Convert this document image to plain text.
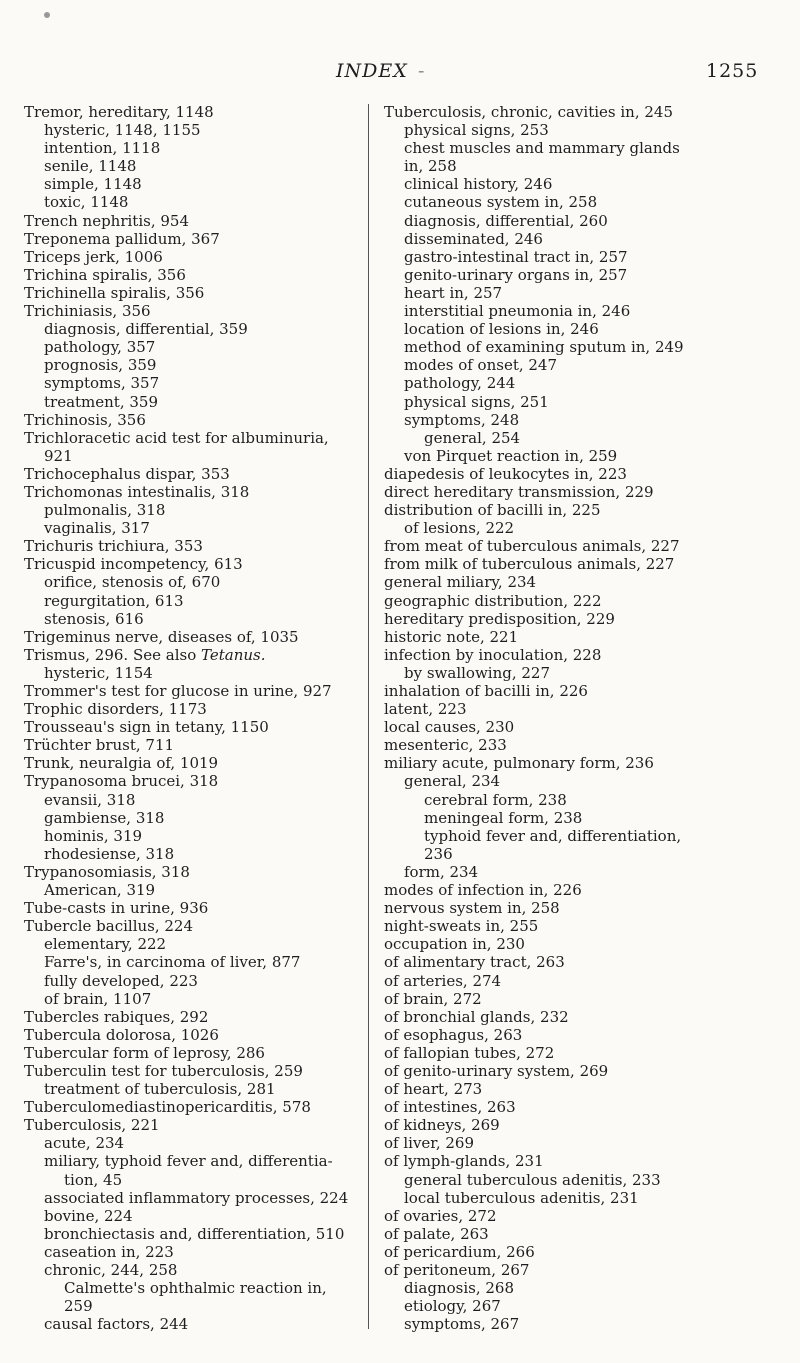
INDEX -	1255
Tremor, hereditary, 1148
hysteric, 1148, 1155
intention, 1118
senile, 1148
simple, 1148
toxic, 1148
Trench nephritis, 954
Treponema pallidum, 367
Triceps jerk, 1006
Trichina spiralis, 356
Trichinella spiralis, 356
Trichiniasis, 356
diagnosis, differential, 359
pathology, 357
prognosis, 359
symptoms, 357
treatment, 359
Trichinosis, 356
Trichloracetic acid test for albuminuria,
921
Trichocephalus dispar, 353
Trichomonas intestinalis, 318
pulmonalis, 318
vaginalis, 317
Trichuris trichiura, 353
Tricuspid incompetency, 613
orifice, stenosis of, 670
regurgitation, 613
stenosis, 616
Trigeminus nerve, diseases of, 1035
Trismus, 296. See also Tetanus.
hysteric, 1154
Trommer's test for glucose in urine, 927
Trophic disorders, 1173
Trousseau's sign in tetany, 1150
Trüchter brust, 711
Trunk, neuralgia of, 1019
Trypanosoma brucei, 318
evansii, 318
gambiense, 318
hominis, 319
rhodesiense, 318
Trypanosomiasis, 318
American, 319
Tube-casts in urine, 936
Tubercle bacillus, 224
elementary, 222
Farre's, in carcinoma of liver, 877
fully developed, 223
of brain, 1107
Tubercles rabiques, 292
Tubercula dolorosa, 1026
Tubercular form of leprosy, 286
Tuberculin test for tuberculosis, 259
treatment of tuberculosis, 281
Tuberculomediastinopericarditis, 578
Tuberculosis, 221
acute, 234
miliary, typhoid fever and, differentia-
tion, 45
associated inflammatory processes, 224
bovine, 224
bronchiectasis and, differentiation, 510
caseation in, 223
chronic, 244, 258
Calmette's ophthalmic reaction in,
259
causal factors, 244
Tuberculosis, chronic, cavities in, 245
physical signs, 253
chest muscles and mammary glands
in, 258
clinical history, 246
cutaneous system in, 258
diagnosis, differential, 260
disseminated, 246
gastro-intestinal tract in, 257
genito-urinary organs in, 257
heart in, 257
interstitial pneumonia in, 246
location of lesions in, 246
method of examining sputum in, 249
modes of onset, 247
pathology, 244
physical signs, 251
symptoms, 248
general, 254
von Pirquet reaction in, 259
diapedesis of leukocytes in, 223
direct hereditary transmission, 229
distribution of bacilli in, 225
of lesions, 222
from meat of tuberculous animals, 227
from milk of tuberculous animals, 227
general miliary, 234
geographic distribution, 222
hereditary predisposition, 229
historic note, 221
infection by inoculation, 228
by swallowing, 227
inhalation of bacilli in, 226
latent, 223
local causes, 230
mesenteric, 233
miliary acute, pulmonary form, 236
general, 234
cerebral form, 238
meningeal form, 238
typhoid fever and, differentiation,
236
form, 234
modes of infection in, 226
nervous system in, 258
night-sweats in, 255
occupation in, 230
of alimentary tract, 263
of arteries, 274
of brain, 272
of bronchial glands, 232
of esophagus, 263
of fallopian tubes, 272
of genito-urinary system, 269
of heart, 273
of intestines, 263
of kidneys, 269
of liver, 269
of lymph-glands, 231
general tuberculous adenitis, 233
local tuberculous adenitis, 231
of ovaries, 272
of palate, 263
of pericardium, 266
of peritoneum, 267
diagnosis, 268
etiology, 267
symptoms, 267
